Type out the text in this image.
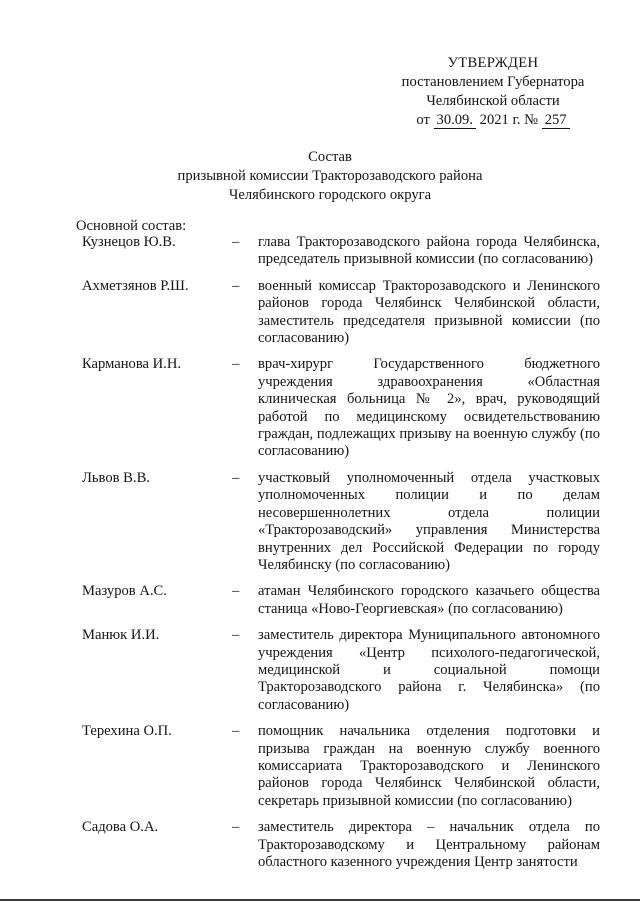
УТВЕРЖДЕН
постановлением Губернатора
Челябинской области
от 30.09. 2021 г. № 257
Состав
призывной комиссии Тракторозаводского района
Челябинского городского округа
Основной состав:
Кузнецов Ю.В.	–	глава Тракторозаводского района города Челябинска, председатель призывной комиссии (по согласованию)
Ахметзянов Р.Ш.	–	военный комиссар Тракторозаводского и Ленинского районов города Челябинск Челябинской области, заместитель председателя призывной комиссии (по согласованию)
Карманова И.Н.	–	врач-хирург Государственного бюджетного учреждения здравоохранения «Областная клиническая больница № 2», врач, руководящий работой по медицинскому освидетельствованию граждан, подлежащих призыву на военную службу (по согласованию)
Львов В.В.	–	участковый уполномоченный отдела участковых уполномоченных полиции и по делам несовершеннолетних отдела полиции «Тракторозаводский» управления Министерства внутренних дел Российской Федерации по городу Челябинску (по согласованию)
Мазуров А.С.	–	атаман Челябинского городского казачьего общества станица «Ново-Георгиевская» (по согласованию)
Манюк И.И.	–	заместитель директора Муниципального автономного учреждения «Центр психолого-педагогической, медицинской и социальной помощи Тракторозаводского района г. Челябинска» (по согласованию)
Терехина О.П.	–	помощник начальника отделения подготовки и призыва граждан на военную службу военного комиссариата Тракторозаводского и Ленинского районов города Челябинск Челябинской области, секретарь призывной комиссии (по согласованию)
Садова О.А.	–	заместитель директора – начальник отдела по Тракторозаводскому и Центральному районам областного казенного учреждения Центр занятости
